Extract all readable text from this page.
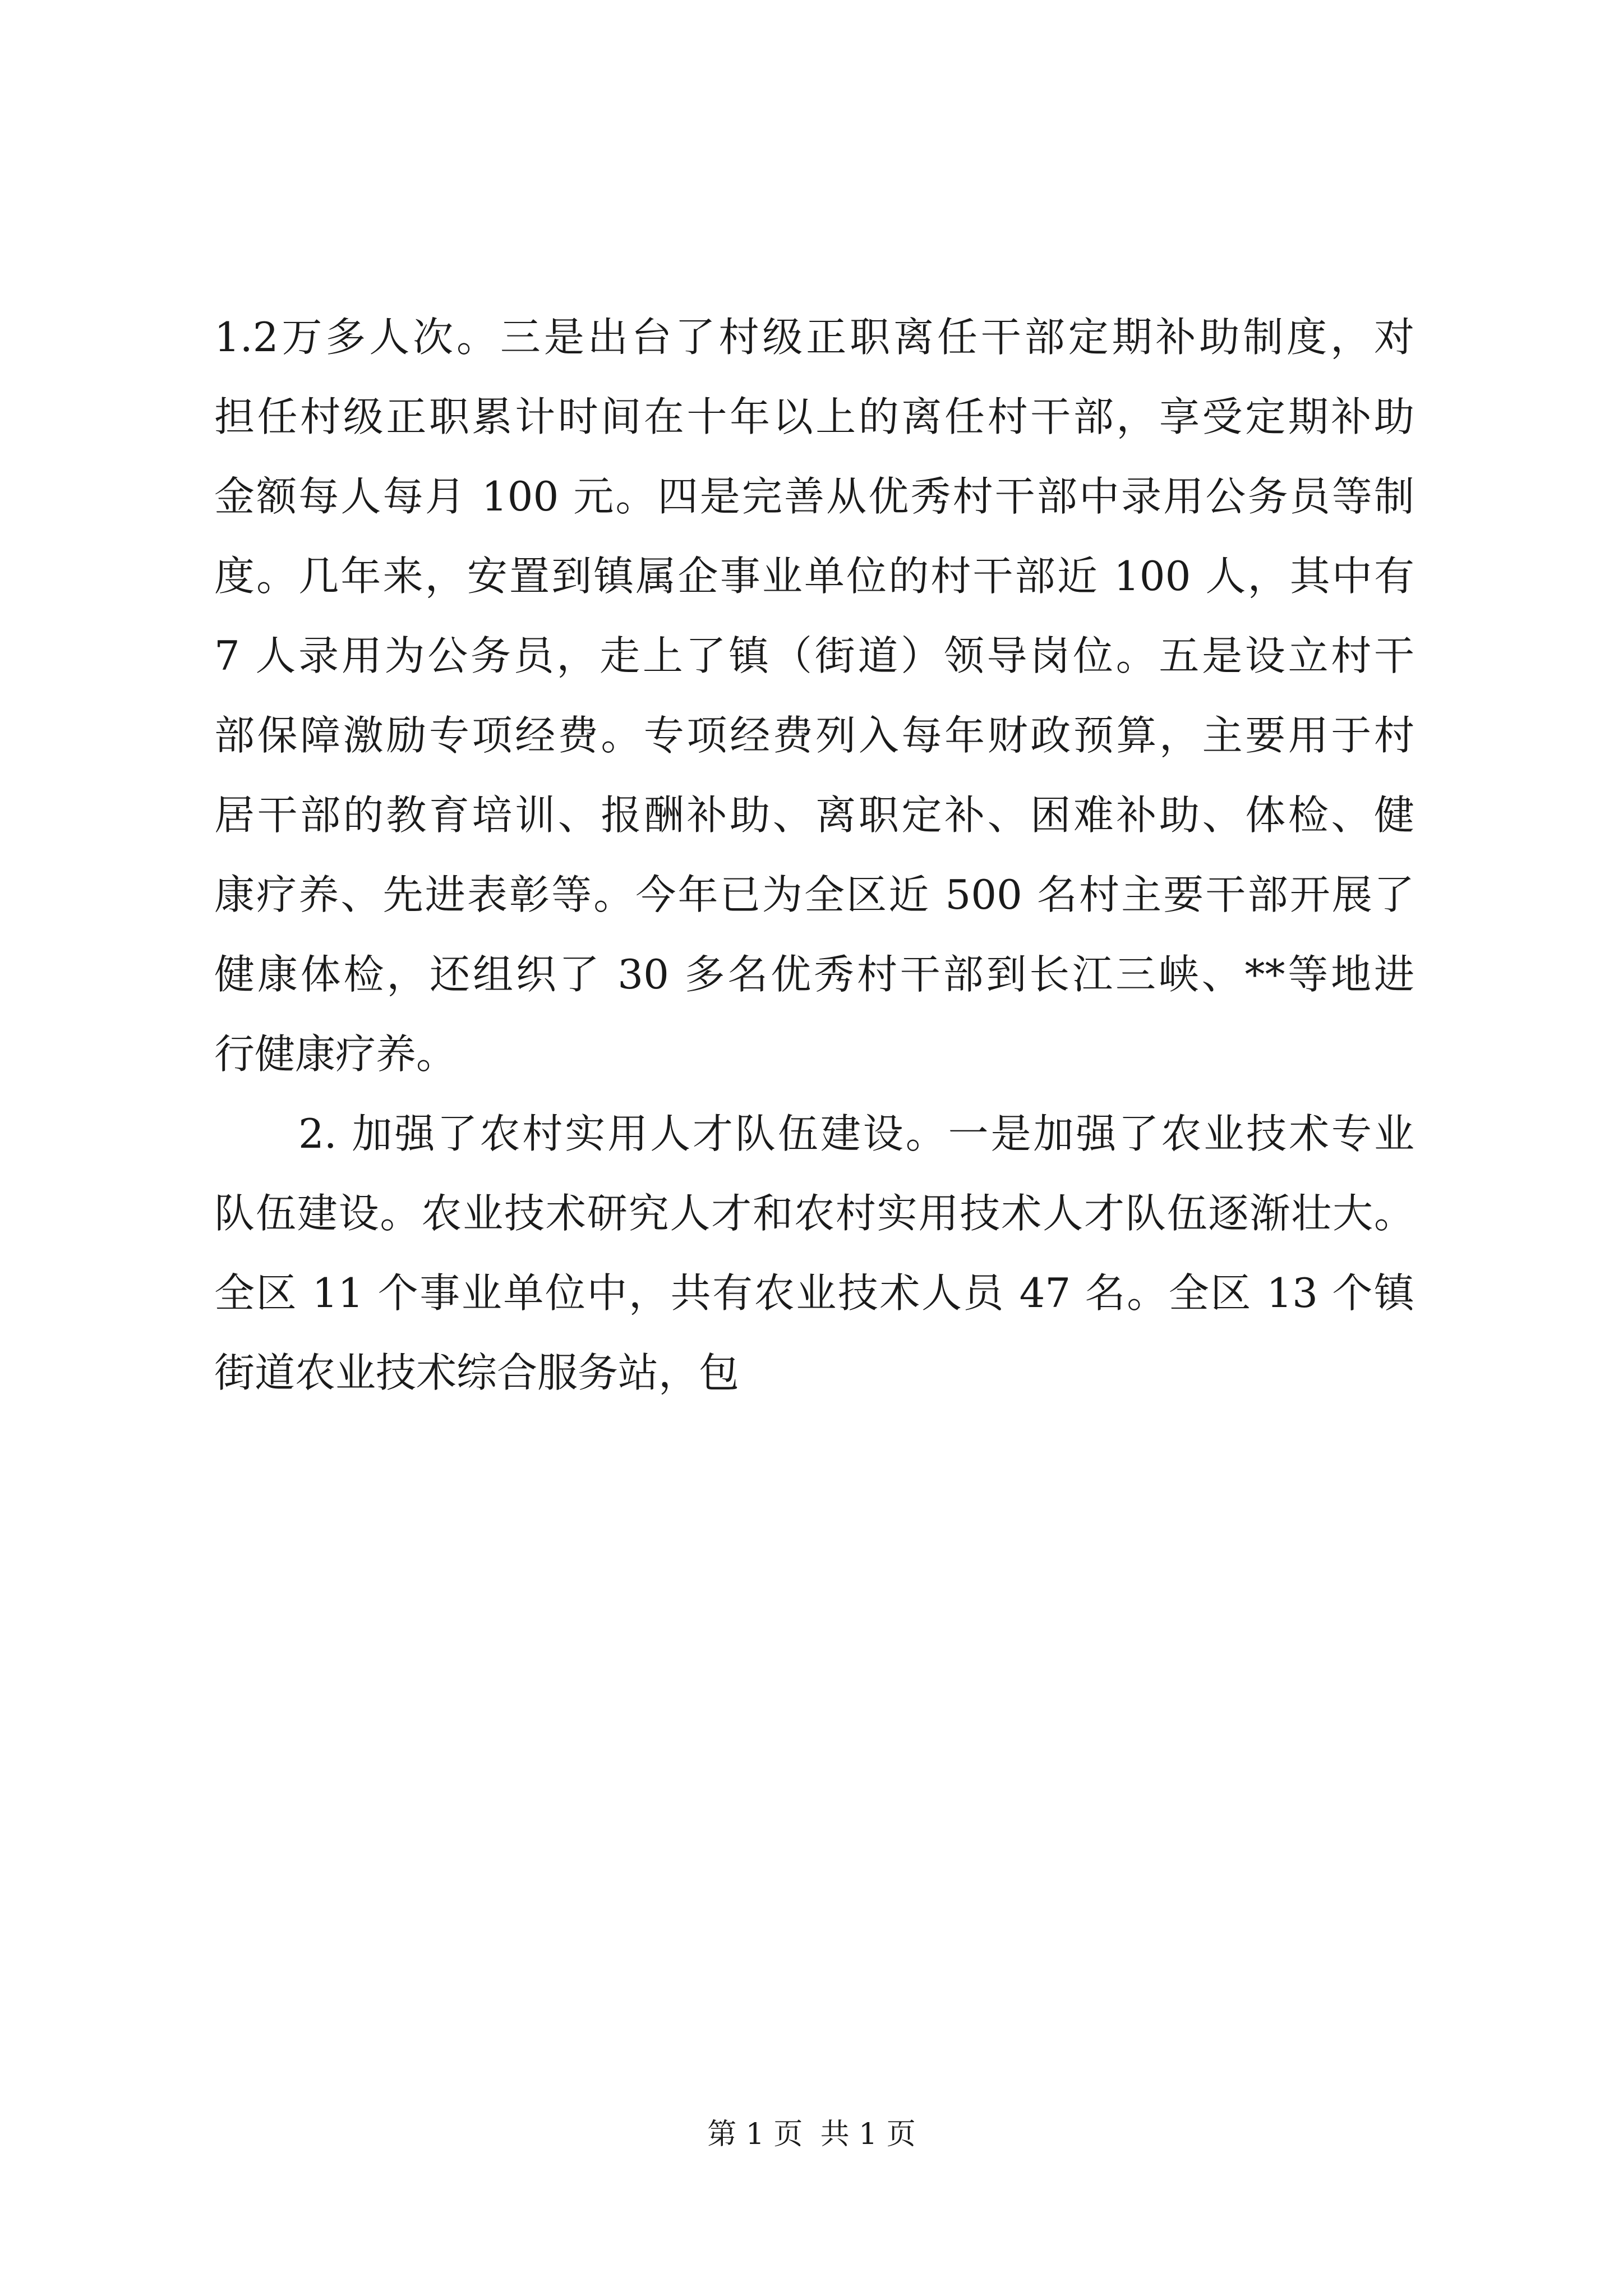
1.2万多人次。三是出台了村级正职离任干部定期补助制度，对
担任村级正职累计时间在十年以上的离任村干部，享受定期补助
金额每人每月 100 元。四是完善从优秀村干部中录用公务员等制
度。几年来，安置到镇属企事业单位的村干部近 100 人，其中有
7 人录用为公务员，走上了镇（街道）领导岗位。五是设立村干
部保障激励专项经费。专项经费列入每年财政预算，主要用于村
居干部的教育培训、报酬补助、离职定补、困难补助、体检、健
康疗养、先进表彰等。今年已为全区近 500 名村主要干部开展了
健康体检，还组织了 30 多名优秀村干部到长江三峡、**等地进
行健康疗养。
2. 加强了农村实用人才队伍建设。一是加强了农业技术专业
队伍建设。农业技术研究人才和农村实用技术人才队伍逐渐壮大。
全区 11 个事业单位中，共有农业技术人员 47 名。全区 13 个镇
街道农业技术综合服务站，包
第 1 页 共 1 页
